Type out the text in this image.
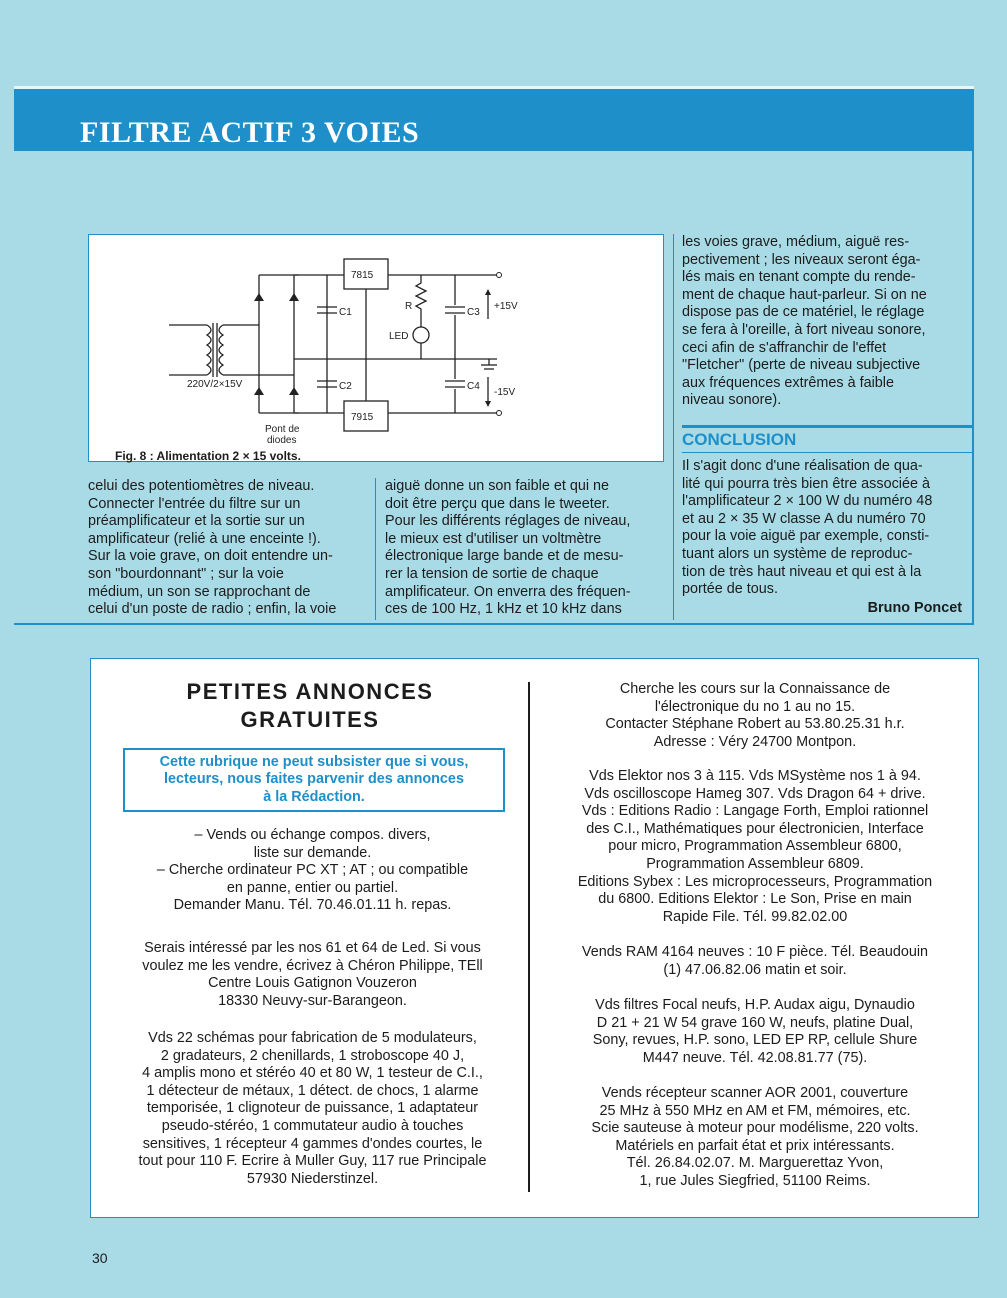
FILTRE ACTIF 3 VOIES
7815
7915
C1
C2
C3
C4
R
LED
+15V
-15V
220V/2×15V
Pont de
diodes
Fig. 8 : Alimentation 2 × 15 volts.

celui des potentiomètres de niveau.

Connecter l'entrée du filtre sur un

préamplificateur et la sortie sur un

amplificateur (relié à une enceinte !).

Sur la voie grave, on doit entendre un-

son "bourdonnant" ; sur la voie

médium, un son se rapprochant de

celui d'un poste de radio ; enfin, la voie

aiguë donne un son faible et qui ne

doit être perçu que dans le tweeter.

Pour les différents réglages de niveau,

le mieux est d'utiliser un voltmètre

électronique large bande et de mesu-

rer la tension de sortie de chaque

amplificateur. On enverra des fréquen-

ces de 100 Hz, 1 kHz et 10 kHz dans

les voies grave, médium, aiguë res-

pectivement ; les niveaux seront éga-

lés mais en tenant compte du rende-

ment de chaque haut-parleur. Si on ne

dispose pas de ce matériel, le réglage

se fera à l'oreille, à fort niveau sonore,

ceci afin de s'affranchir de l'effet

"Fletcher" (perte de niveau subjective

aux fréquences extrêmes à faible

niveau sonore).

CONCLUSION

Il s'agit donc d'une réalisation de qua-

lité qui pourra très bien être associée à

l'amplificateur 2 × 100 W du numéro 48

et au 2 × 35 W classe A du numéro 70

pour la voie aiguë par exemple, consti-

tuant alors un système de reproduc-

tion de très haut niveau et qui est à la

portée de tous.

Bruno Poncet
PETITES ANNONCES
GRATUITES
Cette rubrique ne peut subsister que si vous,
lecteurs, nous faites parvenir des annonces
à la Rédaction.
– Vends ou échange compos. divers,
liste sur demande.
– Cherche ordinateur PC XT ; AT ; ou compatible
en panne, entier ou partiel.
Demander Manu. Tél. 70.46.01.11 h. repas.
Serais intéressé par les nos 61 et 64 de Led. Si vous
voulez me les vendre, écrivez à Chéron Philippe, TEll
Centre Louis Gatignon Vouzeron
18330 Neuvy-sur-Barangeon.
Vds 22 schémas pour fabrication de 5 modulateurs,
2 gradateurs, 2 chenillards, 1 stroboscope 40 J,
4 amplis mono et stéréo 40 et 80 W, 1 testeur de C.I.,
1 détecteur de métaux, 1 détect. de chocs, 1 alarme
temporisée, 1 clignoteur de puissance, 1 adaptateur
pseudo-stéréo, 1 commutateur audio à touches
sensitives, 1 récepteur 4 gammes d'ondes courtes, le
tout pour 110 F. Ecrire à Muller Guy, 117 rue Principale
57930 Niederstinzel.
Cherche les cours sur la Connaissance de
l'électronique du no 1 au no 15.
Contacter Stéphane Robert au 53.80.25.31 h.r.
Adresse : Véry 24700 Montpon.
Vds Elektor nos 3 à 115. Vds MSystème nos 1 à 94.
Vds oscilloscope Hameg 307. Vds Dragon 64 + drive.
Vds : Editions Radio : Langage Forth, Emploi rationnel
des C.I., Mathématiques pour électronicien, Interface
pour micro, Programmation Assembleur 6800,
Programmation Assembleur 6809.
Editions Sybex : Les microprocesseurs, Programmation
du 6800. Editions Elektor : Le Son, Prise en main
Rapide File. Tél. 99.82.02.00
Vends RAM 4164 neuves : 10 F pièce. Tél. Beaudouin
(1) 47.06.82.06 matin et soir.
Vds filtres Focal neufs, H.P. Audax aigu, Dynaudio
D 21 + 21 W 54 grave 160 W, neufs, platine Dual,
Sony, revues, H.P. sono, LED EP RP, cellule Shure
M447 neuve. Tél. 42.08.81.77 (75).
Vends récepteur scanner AOR 2001, couverture
25 MHz à 550 MHz en AM et FM, mémoires, etc.
Scie sauteuse à moteur pour modélisme, 220 volts.
Matériels en parfait état et prix intéressants.
Tél. 26.84.02.07. M. Marguerettaz Yvon,
1, rue Jules Siegfried, 51100 Reims.
30
